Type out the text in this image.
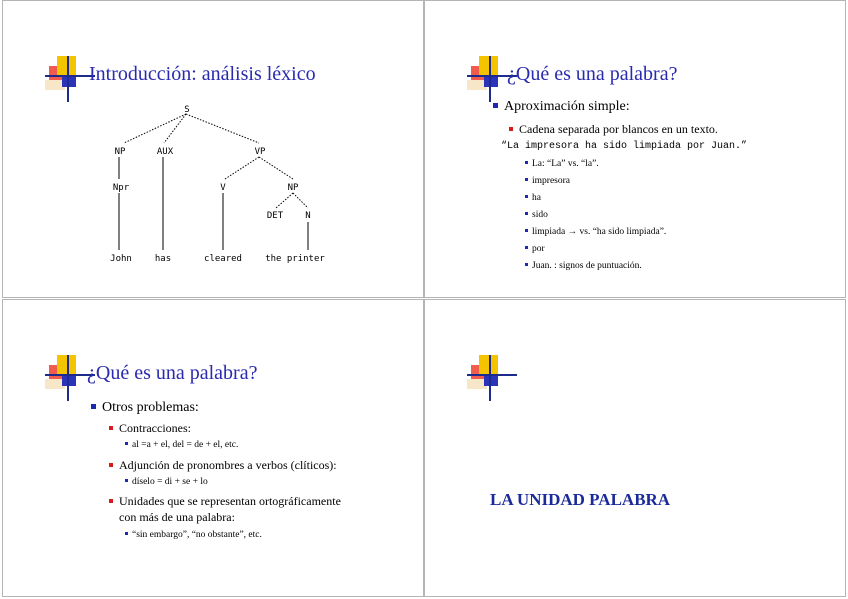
Introducción: análisis léxico
S
NP	AUX	VP
Npr	V	NP
DET N
John	has	cleared	the printer
¿Qué es una palabra?
Aproximación simple:
Cadena separada por blancos en un texto.
“La impresora ha sido limpiada por Juan.”
La: “La” vs. “la”.
impresora
ha
sido
limpiada → vs. “ha sido limpiada”.
por
Juan. : signos de puntuación.
¿Qué es una palabra?
Otros problemas:
Contracciones:
al =a + el, del = de + el, etc.
Adjunción de pronombres a verbos (clíticos):
díselo = di + se + lo
Unidades que se representan ortográficamente
con más de una palabra:
“sin embargo”, “no obstante”, etc.
LA UNIDAD PALABRA
